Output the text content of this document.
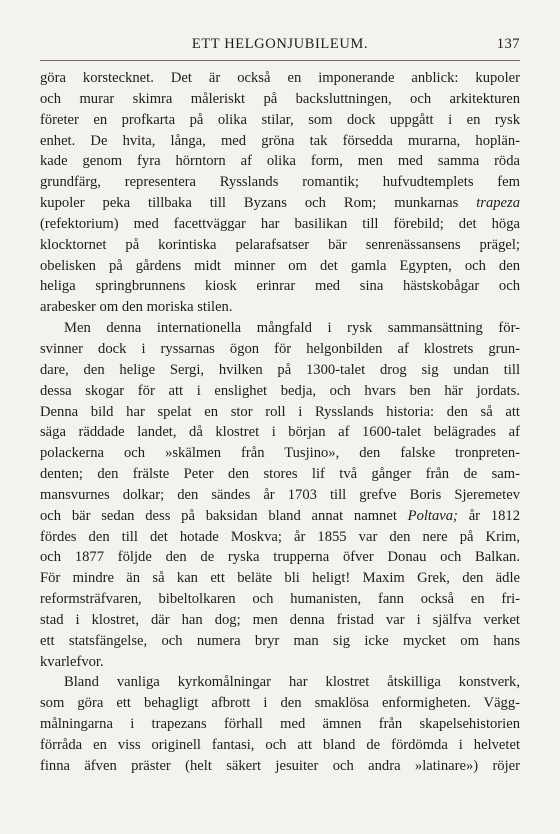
ETT HELGONJUBILEUM.	137
göra korstecknet. Det är också en imponerande anblick: kupoler
och murar skimra måleriskt på backsluttningen, och arkitekturen
företer en profkarta på olika stilar, som dock uppgått i en rysk
enhet. De hvita, långa, med gröna tak försedda murarna, hoplän-
kade genom fyra hörntorn af olika form, men med samma röda
grundfärg, representera Rysslands romantik; hufvudtemplets fem
kupoler peka tillbaka till Byzans och Rom; munkarnas trapeza
(refektorium) med facettväggar har basilikan till förebild; det höga
klocktornet på korintiska pelarafsatser bär senrenässansens prägel;
obelisken på gårdens midt minner om det gamla Egypten, och den
heliga springbrunnens kiosk erinrar med sina hästskobågar och
arabesker om den moriska stilen.
Men denna internationella mångfald i rysk sammansättning för-
svinner dock i ryssarnas ögon för helgonbilden af klostrets grun-
dare, den helige Sergi, hvilken på 1300-talet drog sig undan till
dessa skogar för att i enslighet bedja, och hvars ben här jordats.
Denna bild har spelat en stor roll i Rysslands historia: den så att
säga räddade landet, då klostret i början af 1600-talet belägrades af
polackerna och »skälmen från Tusjino», den falske tronpreten-
denten; den frälste Peter den stores lif två gånger från de sam-
mansvurnes dolkar; den sändes år 1703 till grefve Boris Sjeremetev
och bär sedan dess på baksidan bland annat namnet Poltava; år 1812
fördes den till det hotade Moskva; år 1855 var den nere på Krim,
och 1877 följde den de ryska trupperna öfver Donau och Balkan.
För mindre än så kan ett beläte bli heligt! Maxim Grek, den ädle
reformsträfvaren, bibeltolkaren och humanisten, fann också en fri-
stad i klostret, där han dog; men denna fristad var i själfva verket
ett statsfängelse, och numera bryr man sig icke mycket om hans
kvarlefvor.
Bland vanliga kyrkomålningar har klostret åtskilliga konstverk,
som göra ett behagligt afbrott i den smaklösa enformigheten. Vägg-
målningarna i trapezans förhall med ämnen från skapelsehistorien
förråda en viss originell fantasi, och att bland de fördömda i helvetet
finna äfven präster (helt säkert jesuiter och andra »latinare») röjer
